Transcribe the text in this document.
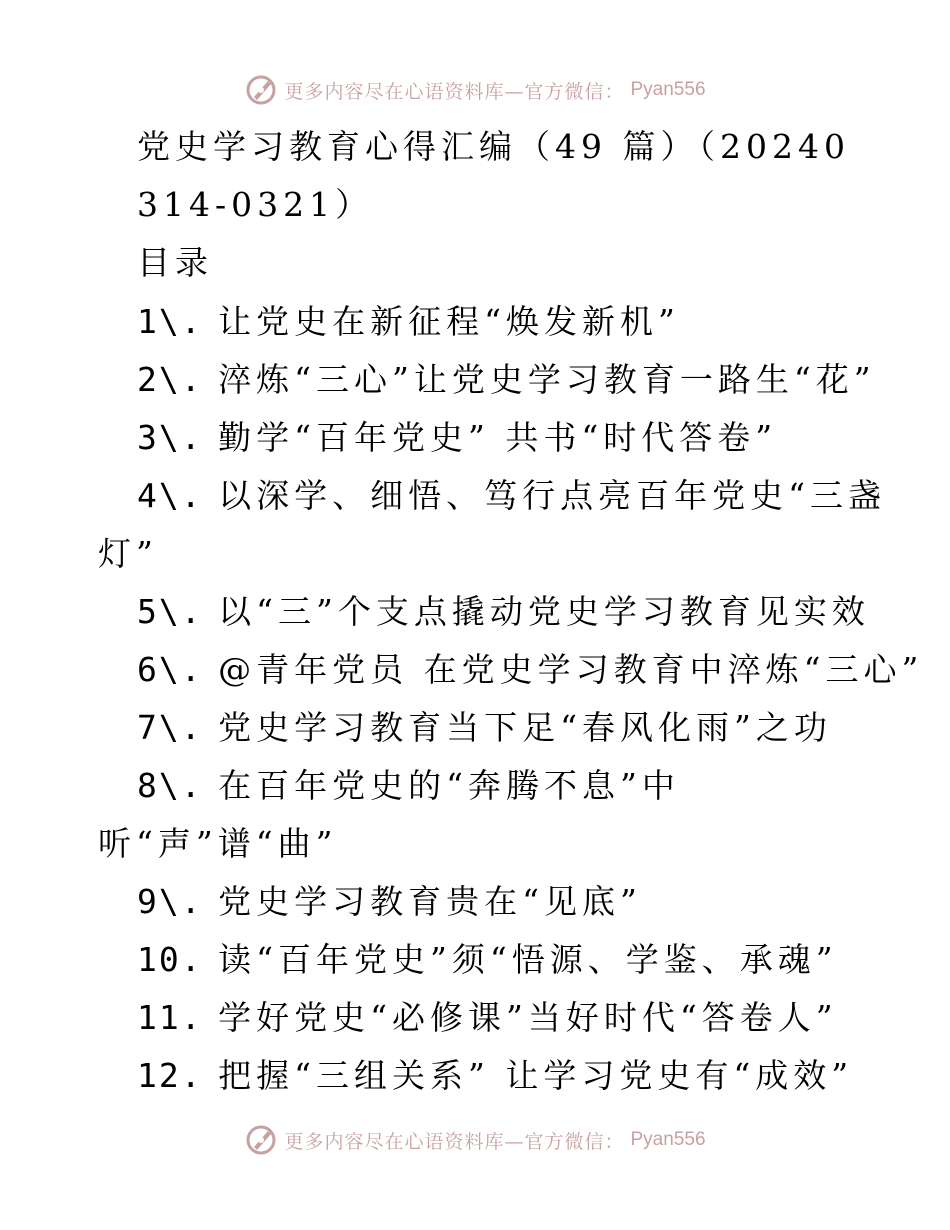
更多内容尽在心语资料库—官方微信： Pyan556
党史学习教育心得汇编（49 篇）（20240
314-0321）
目录
1\. 让党史在新征程“焕发新机”
2\. 淬炼“三心”让党史学习教育一路生“花”
3\. 勤学“百年党史” 共书“时代答卷”
4\. 以深学、细悟、笃行点亮百年党史“三盏
灯”
5\. 以“三”个支点撬动党史学习教育见实效
6\. @青年党员 在党史学习教育中淬炼“三心”
7\. 党史学习教育当下足“春风化雨”之功
8\. 在百年党史的“奔腾不息”中
听“声”谱“曲”
9\. 党史学习教育贵在“见底”
10. 读“百年党史”须“悟源、学鉴、承魂”
11. 学好党史“必修课”当好时代“答卷人”
12. 把握“三组关系” 让学习党史有“成效”
更多内容尽在心语资料库—官方微信： Pyan556
